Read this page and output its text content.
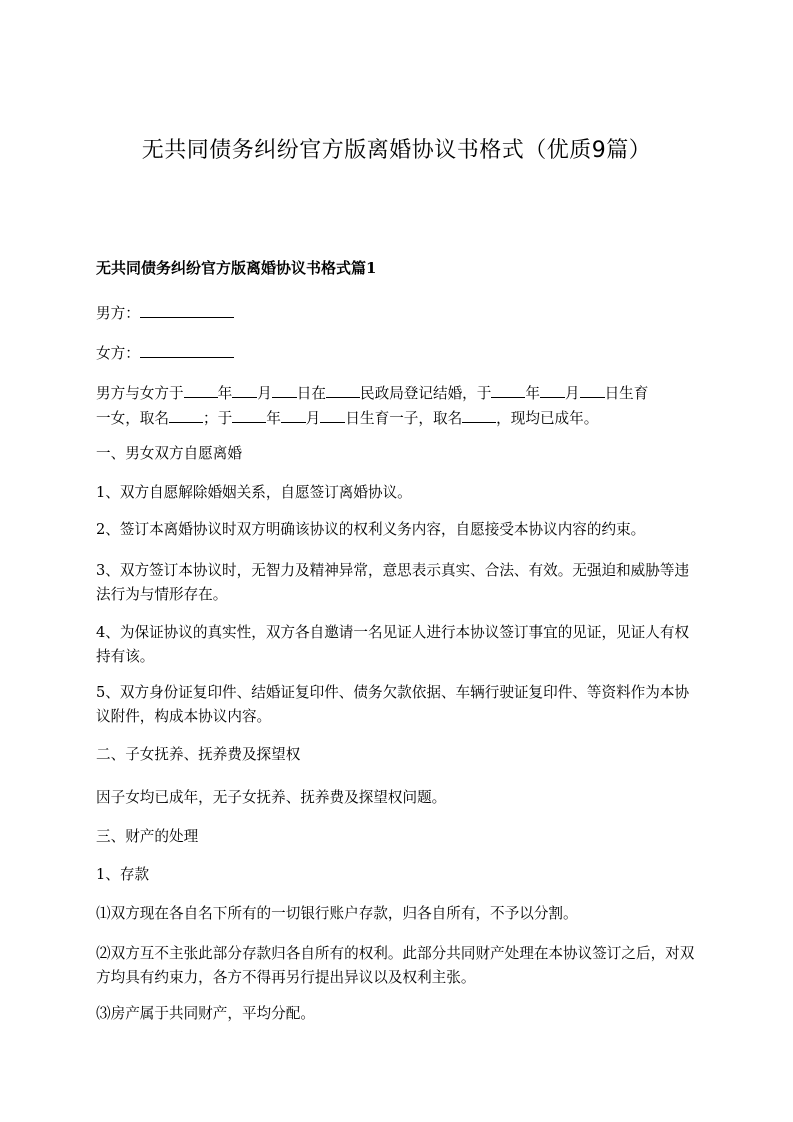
无共同债务纠纷官方版离婚协议书格式（优质9篇）
无共同债务纠纷官方版离婚协议书格式篇1
男方：
女方：
男方与女方于 年 月 日在 民政局登记结婚，于 年 月 日生育
一女，取名 ；于 年 月 日生育一子，取名 ，现均已成年。
一、男女双方自愿离婚
1、双方自愿解除婚姻关系，自愿签订离婚协议。
2、签订本离婚协议时双方明确该协议的权利义务内容，自愿接受本协议内容的约束。
3、双方签订本协议时，无智力及精神异常，意思表示真实、合法、有效。无强迫和威胁等违法行为与情形存在。
4、为保证协议的真实性，双方各自邀请一名见证人进行本协议签订事宜的见证，见证人有权持有该。
5、双方身份证复印件、结婚证复印件、债务欠款依据、车辆行驶证复印件、等资料作为本协议附件，构成本协议内容。
二、子女抚养、抚养费及探望权
因子女均已成年，无子女抚养、抚养费及探望权问题。
三、财产的处理
1、存款
⑴双方现在各自名下所有的一切银行账户存款，归各自所有，不予以分割。
⑵双方互不主张此部分存款归各自所有的权利。此部分共同财产处理在本协议签订之后，对双方均具有约束力，各方不得再另行提出异议以及权利主张。
⑶房产属于共同财产，平均分配。
